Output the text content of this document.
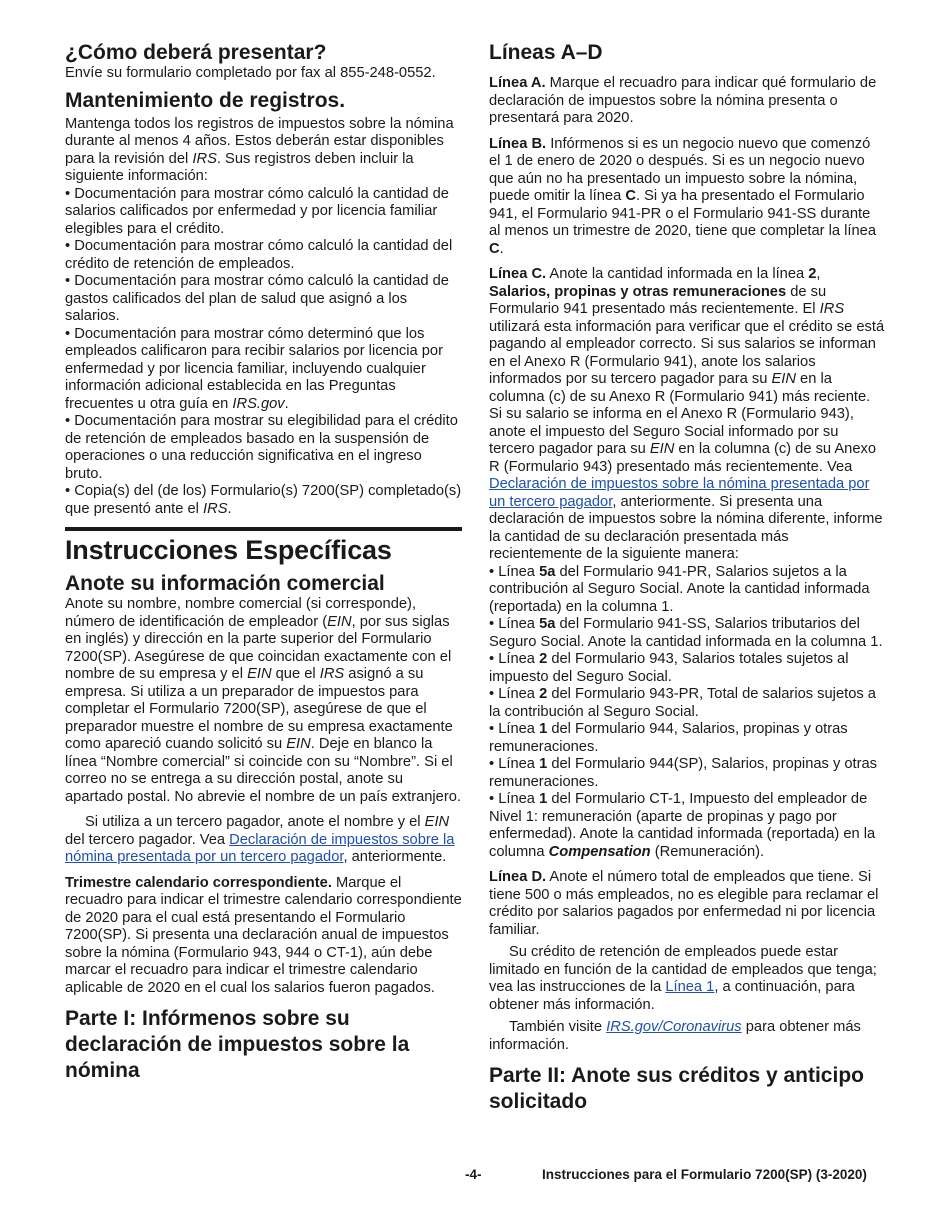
¿Cómo deberá presentar?

Envíe su formulario completado por fax al 855-248-0552.

Mantenimiento de registros.

Mantenga todos los registros de impuestos sobre la nómina durante al menos 4 años. Estos deberán estar disponibles para la revisión del IRS. Sus registros deben incluir la siguiente información:

• Documentación para mostrar cómo calculó la cantidad de salarios calificados por enfermedad y por licencia familiar elegibles para el crédito.

• Documentación para mostrar cómo calculó la cantidad del crédito de retención de empleados.

• Documentación para mostrar cómo calculó la cantidad de gastos calificados del plan de salud que asignó a los salarios.

• Documentación para mostrar cómo determinó que los empleados calificaron para recibir salarios por licencia por enfermedad y por licencia familiar, incluyendo cualquier información adicional establecida en las Preguntas frecuentes u otra guía en IRS.gov.

• Documentación para mostrar su elegibilidad para el crédito de retención de empleados basado en la suspensión de operaciones o una reducción significativa en el ingreso bruto.

• Copia(s) del (de los) Formulario(s) 7200(SP) completado(s) que presentó ante el IRS.

Instrucciones Específicas
Anote su información comercial

Anote su nombre, nombre comercial (si corresponde), número de identificación de empleador (EIN, por sus siglas en inglés) y dirección en la parte superior del Formulario 7200(SP). Asegúrese de que coincidan exactamente con el nombre de su empresa y el EIN que el IRS asignó a su empresa. Si utiliza a un preparador de impuestos para completar el Formulario 7200(SP), asegúrese de que el preparador muestre el nombre de su empresa exactamente como apareció cuando solicitó su EIN. Deje en blanco la línea “Nombre comercial” si coincide con su “Nombre”. Si el correo no se entrega a su dirección postal, anote su apartado postal. No abrevie el nombre de un país extranjero.

Si utiliza a un tercero pagador, anote el nombre y el EIN del tercero pagador. Vea Declaración de impuestos sobre la nómina presentada por un tercero pagador, anteriormente.

Trimestre calendario correspondiente. Marque el recuadro para indicar el trimestre calendario correspondiente de 2020 para el cual está presentando el Formulario 7200(SP). Si presenta una declaración anual de impuestos sobre la nómina (Formulario 943, 944 o CT-1), aún debe marcar el recuadro para indicar el trimestre calendario aplicable de 2020 en el cual los salarios fueron pagados.

Parte I: Infórmenos sobre su declaración de impuestos sobre la nómina
Líneas A–D

Línea A. Marque el recuadro para indicar qué formulario de declaración de impuestos sobre la nómina presenta o presentará para 2020.

Línea B. Infórmenos si es un negocio nuevo que comenzó el 1 de enero de 2020 o después. Si es un negocio nuevo que aún no ha presentado un impuesto sobre la nómina, puede omitir la línea C. Si ya ha presentado el Formulario 941, el Formulario 941-PR o el Formulario 941-SS durante al menos un trimestre de 2020, tiene que completar la línea C.

Línea C. Anote la cantidad informada en la línea 2, Salarios, propinas y otras remuneraciones de su Formulario 941 presentado más recientemente. El IRS utilizará esta información para verificar que el crédito se está pagando al empleador correcto. Si sus salarios se informan en el Anexo R (Formulario 941), anote los salarios informados por su tercero pagador para su EIN en la columna (c) de su Anexo R (Formulario 941) más reciente. Si su salario se informa en el Anexo R (Formulario 943), anote el impuesto del Seguro Social informado por su tercero pagador para su EIN en la columna (c) de su Anexo R (Formulario 943) presentado más recientemente. Vea Declaración de impuestos sobre la nómina presentada por un tercero pagador, anteriormente. Si presenta una declaración de impuestos sobre la nómina diferente, informe la cantidad de su declaración presentada más recientemente de la siguiente manera:

• Línea 5a del Formulario 941-PR, Salarios sujetos a la contribución al Seguro Social. Anote la cantidad informada (reportada) en la columna 1.

• Línea 5a del Formulario 941-SS, Salarios tributarios del Seguro Social. Anote la cantidad informada en la columna 1.

• Línea 2 del Formulario 943, Salarios totales sujetos al impuesto del Seguro Social.

• Línea 2 del Formulario 943-PR, Total de salarios sujetos a la contribución al Seguro Social.

• Línea 1 del Formulario 944, Salarios, propinas y otras remuneraciones.

• Línea 1 del Formulario 944(SP), Salarios, propinas y otras remuneraciones.

• Línea 1 del Formulario CT-1, Impuesto del empleador de Nivel 1: remuneración (aparte de propinas y pago por enfermedad). Anote la cantidad informada (reportada) en la columna Compensation (Remuneración).

Línea D. Anote el número total de empleados que tiene. Si tiene 500 o más empleados, no es elegible para reclamar el crédito por salarios pagados por enfermedad ni por licencia familiar.

Su crédito de retención de empleados puede estar limitado en función de la cantidad de empleados que tenga; vea las instrucciones de la Línea 1, a continuación, para obtener más información.

También visite IRS.gov/Coronavirus para obtener más información.

Parte II: Anote sus créditos y anticipo solicitado
-4-	Instrucciones para el Formulario 7200(SP) (3-2020)
